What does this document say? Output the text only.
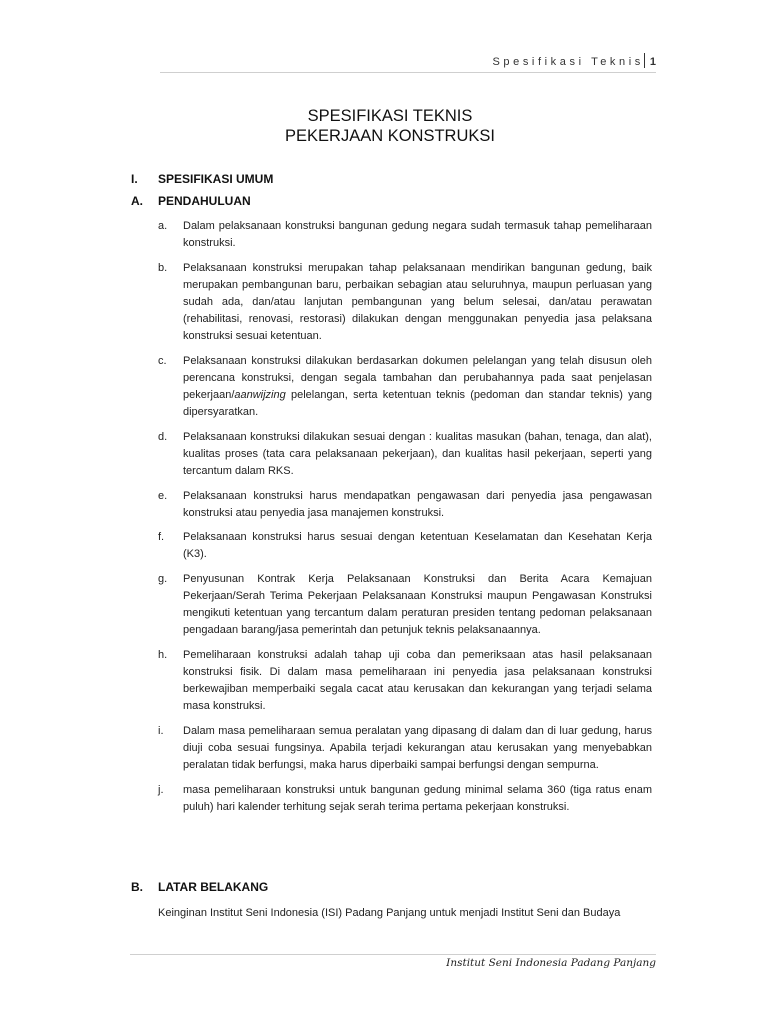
Spesifikasi Teknis 1
SPESIFIKASI TEKNIS
PEKERJAAN KONSTRUKSI
I. SPESIFIKASI UMUM
A. PENDAHULUAN
a. Dalam pelaksanaan konstruksi bangunan gedung negara sudah termasuk tahap pemeliharaan konstruksi.
b. Pelaksanaan konstruksi merupakan tahap pelaksanaan mendirikan bangunan gedung, baik merupakan pembangunan baru, perbaikan sebagian atau seluruhnya, maupun perluasan yang sudah ada, dan/atau lanjutan pembangunan yang belum selesai, dan/atau perawatan (rehabilitasi, renovasi, restorasi) dilakukan dengan menggunakan penyedia jasa pelaksana konstruksi sesuai ketentuan.
c. Pelaksanaan konstruksi dilakukan berdasarkan dokumen pelelangan yang telah disusun oleh perencana konstruksi, dengan segala tambahan dan perubahannya pada saat penjelasan pekerjaan/aanwijzing pelelangan, serta ketentuan teknis (pedoman dan standar teknis) yang dipersyaratkan.
d. Pelaksanaan konstruksi dilakukan sesuai dengan : kualitas masukan (bahan, tenaga, dan alat), kualitas proses (tata cara pelaksanaan pekerjaan), dan kualitas hasil pekerjaan, seperti yang tercantum dalam RKS.
e. Pelaksanaan konstruksi harus mendapatkan pengawasan dari penyedia jasa pengawasan konstruksi atau penyedia jasa manajemen konstruksi.
f. Pelaksanaan konstruksi harus sesuai dengan ketentuan Keselamatan dan Kesehatan Kerja (K3).
g. Penyusunan Kontrak Kerja Pelaksanaan Konstruksi dan Berita Acara Kemajuan Pekerjaan/Serah Terima Pekerjaan Pelaksanaan Konstruksi maupun Pengawasan Konstruksi mengikuti ketentuan yang tercantum dalam peraturan presiden tentang pedoman pelaksanaan pengadaan barang/jasa pemerintah dan petunjuk teknis pelaksanaannya.
h. Pemeliharaan konstruksi adalah tahap uji coba dan pemeriksaan atas hasil pelaksanaan konstruksi fisik. Di dalam masa pemeliharaan ini penyedia jasa pelaksanaan konstruksi berkewajiban memperbaiki segala cacat atau kerusakan dan kekurangan yang terjadi selama masa konstruksi.
i. Dalam masa pemeliharaan semua peralatan yang dipasang di dalam dan di luar gedung, harus diuji coba sesuai fungsinya. Apabila terjadi kekurangan atau kerusakan yang menyebabkan peralatan tidak berfungsi, maka harus diperbaiki sampai berfungsi dengan sempurna.
j. masa pemeliharaan konstruksi untuk bangunan gedung minimal selama 360 (tiga ratus enam puluh) hari kalender terhitung sejak serah terima pertama pekerjaan konstruksi.
B. LATAR BELAKANG
Keinginan Institut Seni Indonesia (ISI) Padang Panjang untuk menjadi Institut Seni dan Budaya
Institut Seni Indonesia Padang Panjang
